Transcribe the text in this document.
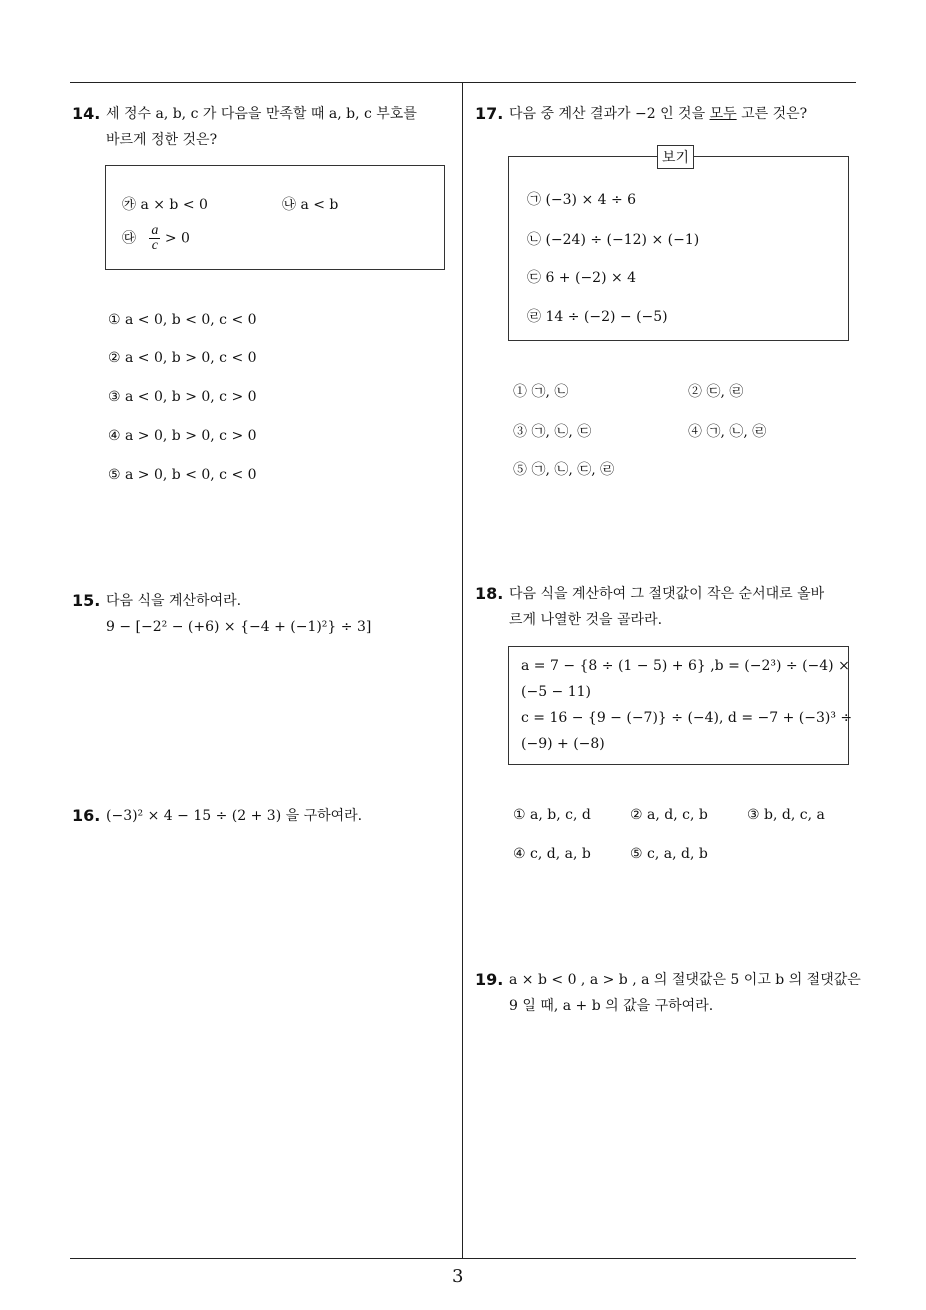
14. 세 정수 a, b, c 가 다음을 만족할 때 a, b, c 부호를
바르게 정한 것은?
㉮ a × b < 0	㉯ a < b
㉰ $\frac{a}{c} > 0$
① a < 0, b < 0, c < 0
② a < 0, b > 0, c < 0
③ a < 0, b > 0, c > 0
④ a > 0, b > 0, c > 0
⑤ a > 0, b < 0, c < 0
15. 다음 식을 계산하여라.
9 − [−2² − (+6) × {−4 + (−1)²} ÷ 3]
16. (−3)² × 4 − 15 ÷ (2 + 3) 을 구하여라.
17. 다음 중 계산 결과가 −2 인 것을 모두 고른 것은?
㉠ (−3) × 4 ÷ 6
㉡ (−24) ÷ (−12) × (−1)
㉢ 6 + (−2) × 4
㉣ 14 ÷ (−2) − (−5)
보기
① ㉠, ㉡	② ㉢, ㉣
③ ㉠, ㉡, ㉢	④ ㉠, ㉡, ㉣
⑤ ㉠, ㉡, ㉢, ㉣
18. 다음 식을 계산하여 그 절댓값이 작은 순서대로 올바
르게 나열한 것을 골라라.
a = 7 − {8 ÷ (1 − 5) + 6} ,b = (−2³) ÷ (−4) ×
(−5 − 11)
c = 16 − {9 − (−7)} ÷ (−4), d = −7 + (−3)³ ÷
(−9) + (−8)
① a, b, c, d	② a, d, c, b	③ b, d, c, a
④ c, d, a, b	⑤ c, a, d, b
19. a × b < 0 , a > b , a 의 절댓값은 5 이고 b 의 절댓값은
9 일 때, a + b 의 값을 구하여라.
3
